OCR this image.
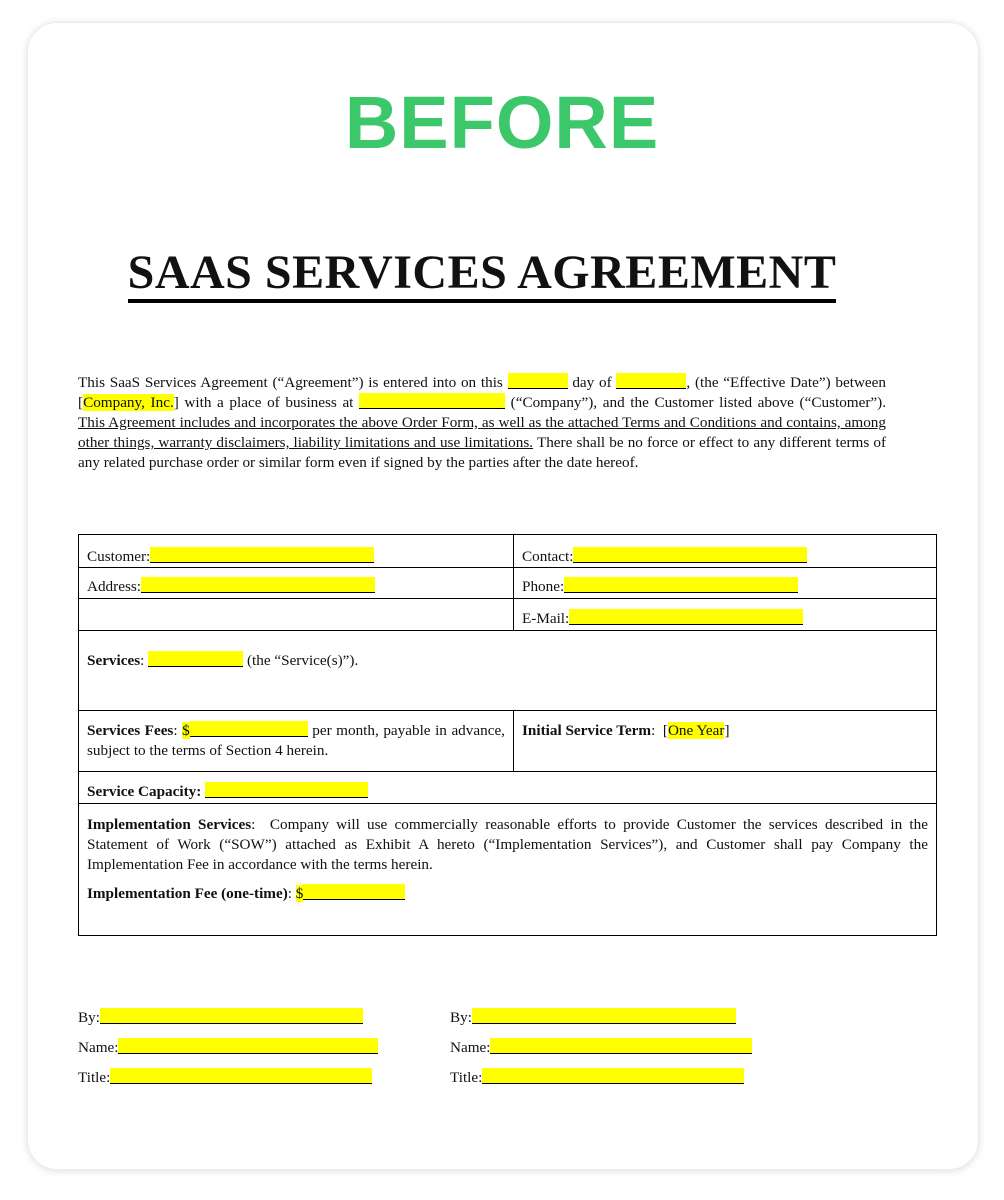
BEFORE
SAAS SERVICES AGREEMENT
This SaaS Services Agreement (“Agreement”) is entered into on this	day of	, (the “Effective Date”) between [Company, Inc.] with a place of business at	(“Company”), and the Customer listed above (“Customer”). This Agreement includes and incorporates the above Order Form, as well as the attached Terms and Conditions and contains, among other things, warranty disclaimers, liability limitations and use limitations. There shall be no force or effect to any different terms of any related purchase order or similar form even if signed by the parties after the date hereof.
Customer:	Contact:
Address:	Phone:
	E-Mail:
Services: (the “Service(s)”).	
Services Fees: $ per month, payable in advance, subject to the terms of Section 4 herein.	Initial Service Term:  [One Year]
Service Capacity:	
Implementation Services:  Company will use commercially reasonable efforts to provide Customer the services described in the Statement of Work (“SOW”) attached as Exhibit A hereto (“Implementation Services”), and Customer shall pay Company the Implementation Fee in accordance with the terms herein.
Implementation Fee (one-time): $	
By:
Name:
Title:
By:
Name:
Title:
